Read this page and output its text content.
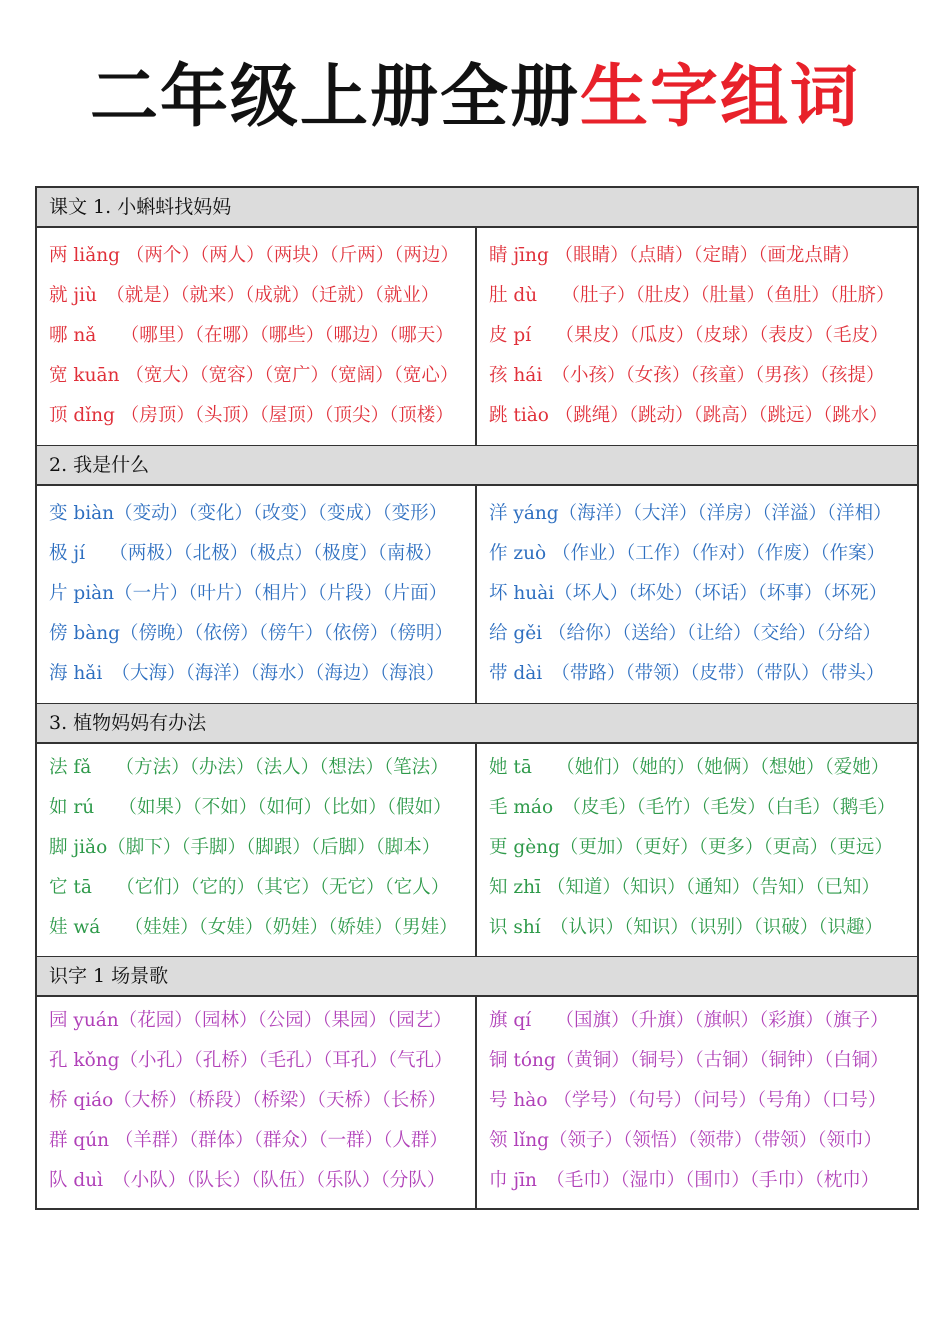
二年级上册全册生字组词
课文 1. 小蝌蚪找妈妈
两 liǎng （两个）（两人）（两块）（斤两）（两边）
就 jiù　（就是）（就来）（成就）（迁就）（就业）
哪 nǎ　 （哪里）（在哪）（哪些）（哪边）（哪天）
宽 kuān （宽大）（宽容）（宽广）（宽阔）（宽心）
顶 dǐng （房顶）（头顶）（屋顶）（顶尖）（顶楼）
睛 jīng （眼睛）（点睛）（定睛）（画龙点睛）
肚 dù　 （肚子）（肚皮）（肚量）（鱼肚）（肚脐）
皮 pí　 （果皮）（瓜皮）（皮球）（表皮）（毛皮）
孩 hái　（小孩）（女孩）（孩童）（男孩）（孩提）
跳 tiào （跳绳）（跳动）（跳高）（跳远）（跳水）
2. 我是什么
变 biàn（变动）（变化）（改变）（变成）（变形）
极 jí　 （两极）（北极）（极点）（极度）（南极）
片 piàn（一片）（叶片）（相片）（片段）（片面）
傍 bàng（傍晚）（依傍）（傍午）（依傍）（傍明）
海 hǎi　（大海）（海洋）（海水）（海边）（海浪）
洋 yáng（海洋）（大洋）（洋房）（洋溢）（洋相）
作 zuò （作业）（工作）（作对）（作废）（作案）
坏 huài（坏人）（坏处）（坏话）（坏事）（坏死）
给 gěi （给你）（送给）（让给）（交给）（分给）
带 dài　（带路）（带领）（皮带）（带队）（带头）
3. 植物妈妈有办法
法 fǎ　 （方法）（办法）（法人）（想法）（笔法）
如 rú　 （如果）（不如）（如何）（比如）（假如）
脚 jiǎo（脚下）（手脚）（脚跟）（后脚）（脚本）
它 tā　 （它们）（它的）（其它）（无它）（它人）
娃 wá　 （娃娃）（女娃）（奶娃）（娇娃）（男娃）
她 tā　 （她们）（她的）（她俩）（想她）（爱她）
毛 máo　（皮毛）（毛竹）（毛发）（白毛）（鹅毛）
更 gèng（更加）（更好）（更多）（更高）（更远）
知 zhī （知道）（知识）（通知）（告知）（已知）
识 shí　（认识）（知识）（识别）（识破）（识趣）
识字 1 场景歌
园 yuán（花园）（园林）（公园）（果园）（园艺）
孔 kǒng（小孔）（孔桥）（毛孔）（耳孔）（气孔）
桥 qiáo（大桥）（桥段）（桥梁）（天桥）（长桥）
群 qún （羊群）（群体）（群众）（一群）（人群）
队 duì　（小队）（队长）（队伍）（乐队）（分队）
旗 qí　 （国旗）（升旗）（旗帜）（彩旗）（旗子）
铜 tóng（黄铜）（铜号）（古铜）（铜钟）（白铜）
号 hào （学号）（句号）（问号）（号角）（口号）
领 lǐng（领子）（领悟）（领带）（带领）（领巾）
巾 jīn　（毛巾）（湿巾）（围巾）（手巾）（枕巾）
